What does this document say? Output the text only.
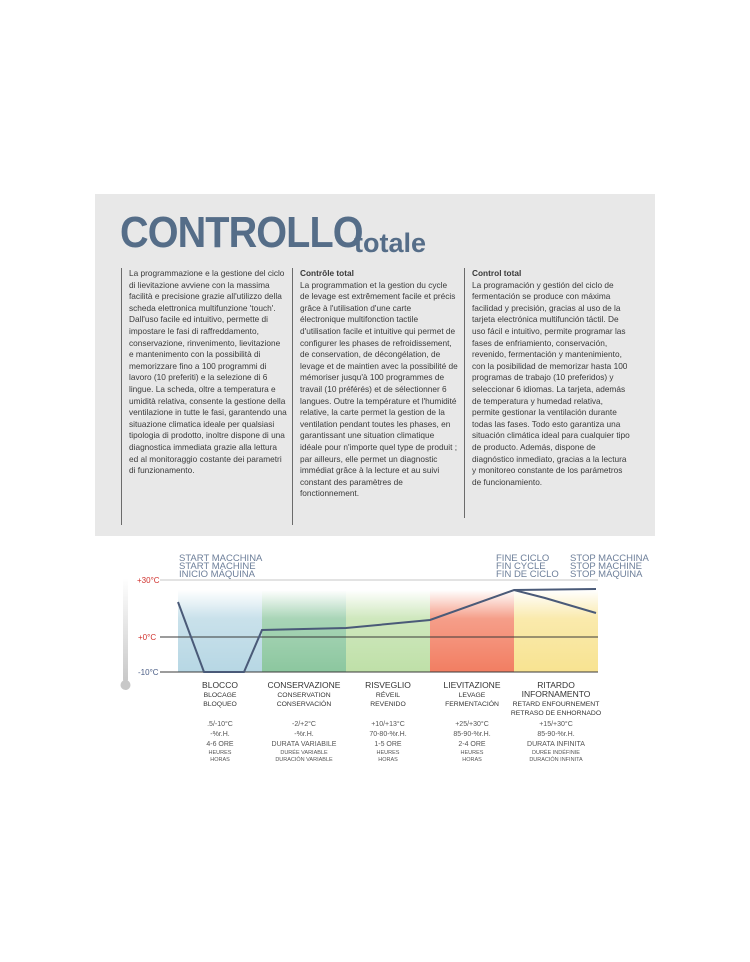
CONTROLLO
totale

La programmazione e la gestione del ciclo di lievitazione avviene con la massima facilità e precisione grazie all'utilizzo della scheda elettronica multifunzione 'touch'. Dall'uso facile ed intuitivo, permette di impostare le fasi di raffreddamento, conservazione, rinvenimento, lievitazione e mantenimento con la possibilità di memorizzare fino a 100 programmi di lavoro (10 preferiti) e la selezione di 6 lingue. La scheda, oltre a temperatura e umidità relativa, consente la gestione della ventilazione in tutte le fasi, garantendo una situazione climatica ideale per qualsiasi tipologia di prodotto, inoltre dispone di una diagnostica immediata grazie alla lettura ed al monitoraggio costante dei parametri di funzionamento.

Contrôle total

La programmation et la gestion du cycle de levage est extrêmement facile et précis grâce à l'utilisation d'une carte électronique multifonction tactile d'utilisation facile et intuitive qui permet de configurer les phases de refroidissement, de conservation, de décongélation, de levage et de maintien avec la possibilité de mémoriser jusqu'à 100 programmes de travail (10 préférés) et de sélectionner 6 langues. Outre la température et l'humidité relative, la carte permet la gestion de la ventilation pendant toutes les phases, en garantissant une situation climatique idéale pour n'importe quel type de produit ; par ailleurs, elle permet un diagnostic immédiat grâce à la lecture et au suivi constant des paramètres de fonctionnement.

Control total

La programación y gestión del ciclo de fermentación se produce con máxima facilidad y precisión, gracias al uso de la tarjeta electrónica multifunción táctil. De uso fácil e intuitivo, permite programar las fases de enfriamiento, conservación, revenido, fermentación y mantenimiento, con la posibilidad de memorizar hasta 100 programas de trabajo (10 preferidos) y seleccionar 6 idiomas. La tarjeta, además de temperatura y humedad relativa, permite gestionar la ventilación durante todas las fases. Todo esto garantiza una situación climática ideal para cualquier tipo de producto. Además, dispone de diagnóstico inmediato, gracias a la lectura y monitoreo constante de los parámetros de funcionamiento.

+30°C
+0°C
-10°C
START MACCHINA
START MACHINE
INICIO MÁQUINA
FINE CICLO
FIN CYCLE
FIN DE CICLO
STOP MACCHINA
STOP MACHINE
STOP MÁQUINA
BLOCCO
BLOCAGE
BLOQUEO
.5/-10°C
-%r.H.
4-6 ORE
HEURES
HORAS
CONSERVAZIONE
CONSERVATION
CONSERVACIÓN
-2/+2°C
-%r.H.
DURATA VARIABILE
DURÉE VARIABLE
DURACIÓN VARIABLE
RISVEGLIO
RÉVEIL
REVENIDO
+10/+13°C
70-80-%r.H.
1-5 ORE
HEURES
HORAS
LIEVITAZIONE
LEVAGE
FERMENTACIÓN
+25/+30°C
85-90-%r.H.
2-4 ORE
HEURES
HORAS
RITARDO
INFORNAMENTO
RETARD ENFOURNEMENT
RETRASO DE ENHORNADO
+15/+30°C
85-90-%r.H.
DURATA INFINITA
DURÉE INDÉFINIE
DURACIÓN INFINITA
